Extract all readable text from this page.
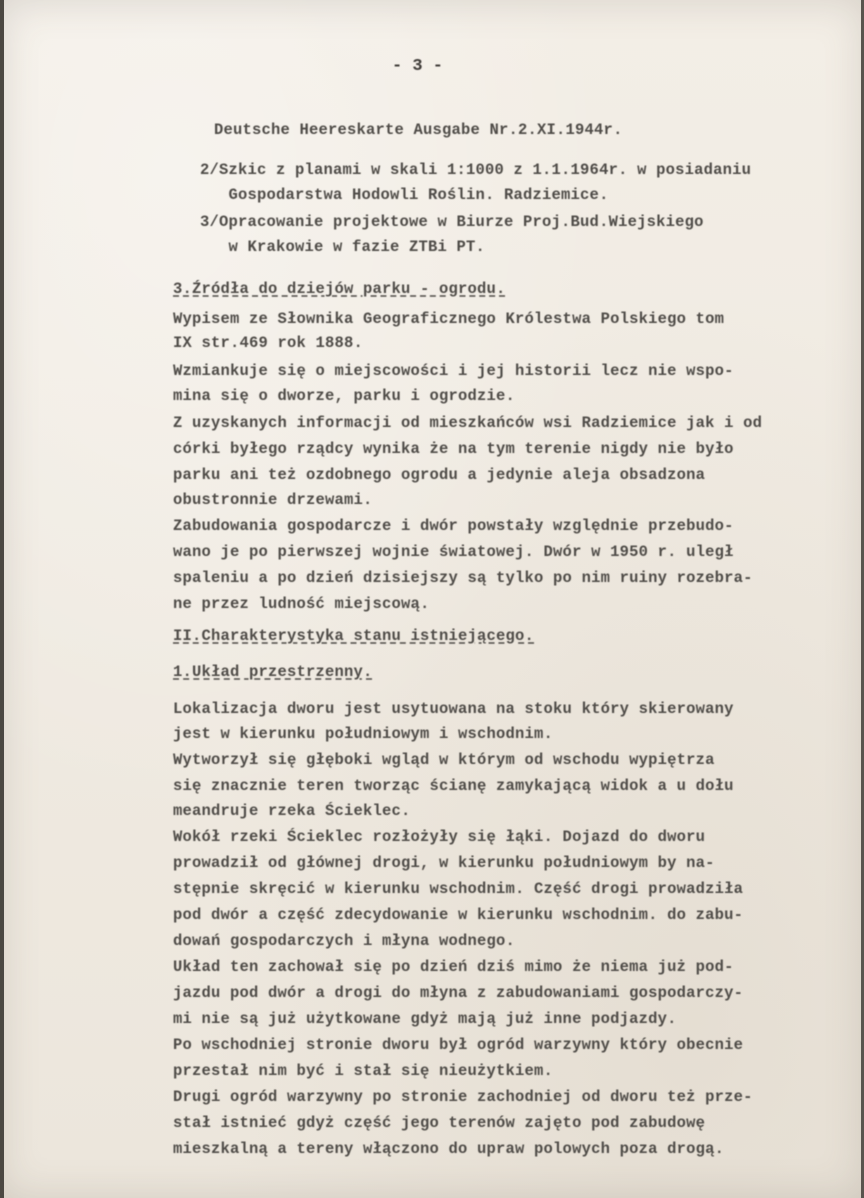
- 3 -
Deutsche Heereskarte Ausgabe Nr.2.XI.1944r.
2/Szkic z planami w skali 1:1000 z 1.1.1964r. w posiadaniu
Gospodarstwa Hodowli Roślin. Radziemice.
3/Opracowanie projektowe w Biurze Proj.Bud.Wiejskiego
w Krakowie w fazie ZTBi PT.
3.Źródła do dziejów parku - ogrodu.
Wypisem ze Słownika Geograficznego Królestwa Polskiego tom
IX str.469 rok 1888.
Wzmiankuje się o miejscowości i jej historii lecz nie wspo-
mina się o dworze, parku i ogrodzie.
Z uzyskanych informacji od mieszkańców wsi Radziemice jak i od
córki byłego rządcy wynika że na tym terenie nigdy nie było
parku ani też ozdobnego ogrodu a jedynie aleja obsadzona
obustronnie drzewami.
Zabudowania gospodarcze i dwór powstały względnie przebudo-
wano je po pierwszej wojnie światowej. Dwór w 1950 r. uległ
spaleniu a po dzień dzisiejszy są tylko po nim ruiny rozebra-
ne przez ludność miejscową.
II.Charakterystyka stanu istniejącego.
1.Układ przestrzenny.
Lokalizacja dworu jest usytuowana na stoku który skierowany
jest w kierunku południowym i wschodnim.
Wytworzył się głęboki wgląd w którym od wschodu wypiętrza
się znacznie teren tworząc ścianę zamykającą widok a u dołu
meandruje rzeka Ścieklec.
Wokół rzeki Ścieklec rozłożyły się łąki. Dojazd do dworu
prowadził od głównej drogi, w kierunku południowym by na-
stępnie skręcić w kierunku wschodnim. Część drogi prowadziła
pod dwór a część zdecydowanie w kierunku wschodnim. do zabu-
dowań gospodarczych i młyna wodnego.
Układ ten zachował się po dzień dziś mimo że niema już pod-
jazdu pod dwór a drogi do młyna z zabudowaniami gospodarczy-
mi nie są już użytkowane gdyż mają już inne podjazdy.
Po wschodniej stronie dworu był ogród warzywny który obecnie
przestał nim być i stał się nieużytkiem.
Drugi ogród warzywny po stronie zachodniej od dworu też prze-
stał istnieć gdyż część jego terenów zajęto pod zabudowę
mieszkalną a tereny włączono do upraw polowych poza drogą.
